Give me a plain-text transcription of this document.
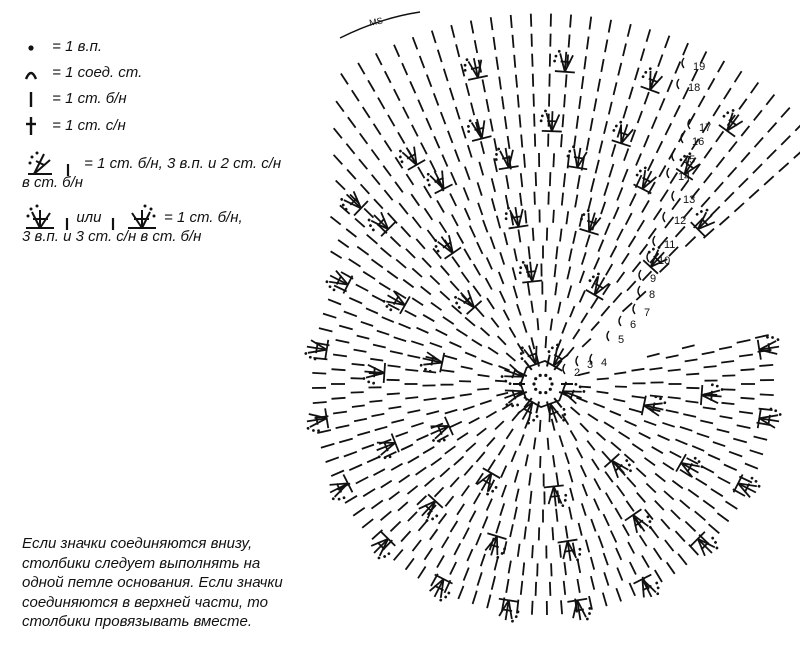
= 1 в.п.
= 1 соед. ст.
= 1 ст. б/н
= 1 ст. с/н
= 1 ст. б/н, 3 в.п. и 2 ст. с/н
в ст. б/н
или	= 1 ст. б/н,
3 в.п. и 3 ст. с/н в ст. б/н
MS
2
3 4
5
6
7
8
9
10
11
12
13
14
15
16
17
18
19
Если значки соединяются внизу,
столбики следует выполнять на
одной петле основания. Если значки
соединяются в верхней части, то
столбики провязывать вместе.
